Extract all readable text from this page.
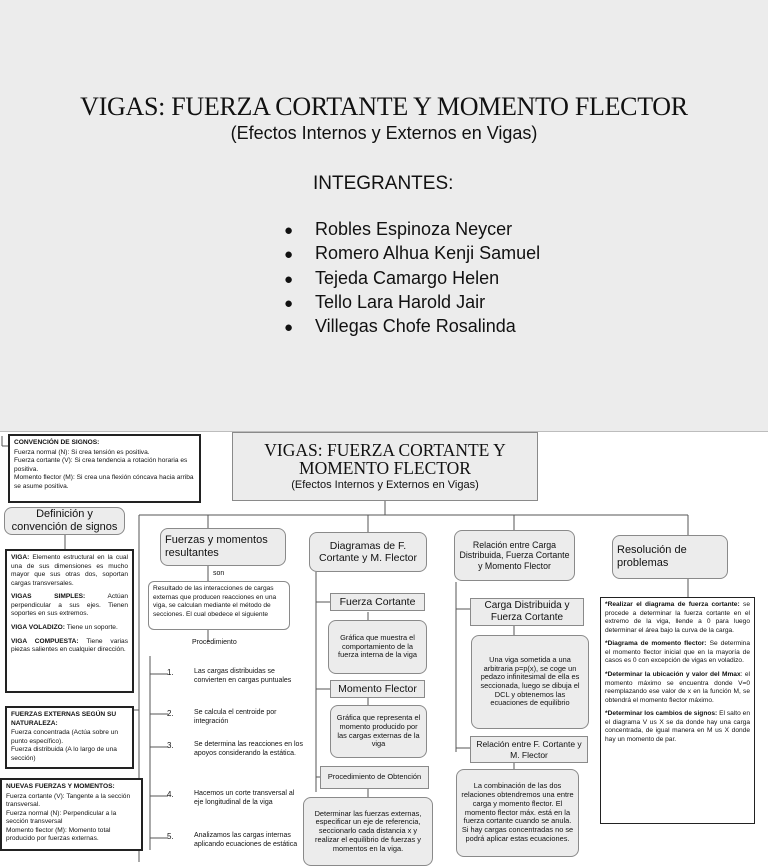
VIGAS: FUERZA CORTANTE Y MOMENTO FLECTOR
(Efectos Internos y Externos en Vigas)
INTEGRANTES:
● Robles Espinoza Neycer
● Romero Alhua Kenji Samuel
● Tejeda Camargo Helen
● Tello Lara Harold Jair
● Villegas Chofe Rosalinda
CONVENCIÓN DE SIGNOS:
Fuerza normal (N): Si crea tensión es positiva.
Fuerza cortante (V): Si crea tendencia a rotación horaria es positiva.
Momento flector (M): Si crea una flexión cóncava hacia arriba se asume positiva.
VIGAS: FUERZA CORTANTE Y MOMENTO FLECTOR
(Efectos Internos y Externos en Vigas)
Definición y convención de signos

VIGA: Elemento estructural en la cual una de sus dimensiones es mucho mayor que sus otras dos, soportan cargas transversales.

VIGAS SIMPLES:	Actúan perpendicular a sus ejes. Tienen soportes en sus extremos.

VIGA VOLADIZO: Tiene un soporte.

VIGA COMPUESTA: Tiene varias piezas salientes en cualquier dirección.

FUERZAS EXTERNAS SEGÚN SU NATURALEZA:
Fuerza concentrada (Actúa sobre un punto específico).
Fuerza distribuida (A lo largo de una sección)
NUEVAS FUERZAS Y MOMENTOS:
Fuerza cortante (V): Tangente a la sección transversal.
Fuerza normal (N): Perpendicular a la sección transversal
Momento flector (M): Momento total producido por fuerzas externas.
Fuerzas y momentos resultantes
son
Resultado de las interacciones de cargas externas que producen reacciones en una viga, se calculan mediante el método de secciones. El cual obedece el siguiente
Procedimiento
1.	Las cargas distribuidas se convierten en cargas puntuales
2.	Se calcula el centroide por integración
3.	Se determina las reacciones en los apoyos considerando la estática.
4.	Hacemos un corte transversal al eje longitudinal de la viga
5.	Analizamos las cargas internas aplicando ecuaciones de estática
Diagramas de F. Cortante y M. Flector
Fuerza Cortante
Gráfica que muestra el comportamiento de la fuerza interna de la viga
Momento Flector
Gráfica que representa el momento producido por las cargas externas de la viga
Procedimiento de Obtención
Determinar las fuerzas externas, especificar un eje de referencia, seccionarlo cada distancia x y realizar el equilibrio de fuerzas y momentos en la viga.
Relación entre Carga Distribuida, Fuerza Cortante y Momento Flector
Carga Distribuida y Fuerza Cortante
Una viga sometida a una arbitraria p=p(x), se coge un pedazo infinitesimal de ella es seccionada, luego se dibuja el DCL y obtenemos las ecuaciones de equilibrio
Relación entre F. Cortante y M. Flector
La combinación de las dos relaciones obtendremos una entre carga y momento flector. El momento flector máx. está en la fuerza cortante cuando se anula. Si hay cargas concentradas no se podrá aplicar estas ecuaciones.
Resolución de problemas

*Realizar el diagrama de fuerza cortante: se procede a determinar la fuerza cortante en el extremo de la viga, llende a 0 para luego determinar el área bajo la curva de la carga.

*Diagrama de momento flector: Se determina el momento flector inicial que en la mayoría de casos es 0 con excepción de vigas en voladizo.

*Determinar la ubicación y valor del Mmax: el momento máximo se encuentra donde V=0 reemplazando ese valor de x en la función M, se obtendrá el momento flector máximo.

*Determinar los cambios de signos: El salto en el diagrama V us X se da donde hay una carga concentrada, de igual manera en M us X donde hay un momento de par.
